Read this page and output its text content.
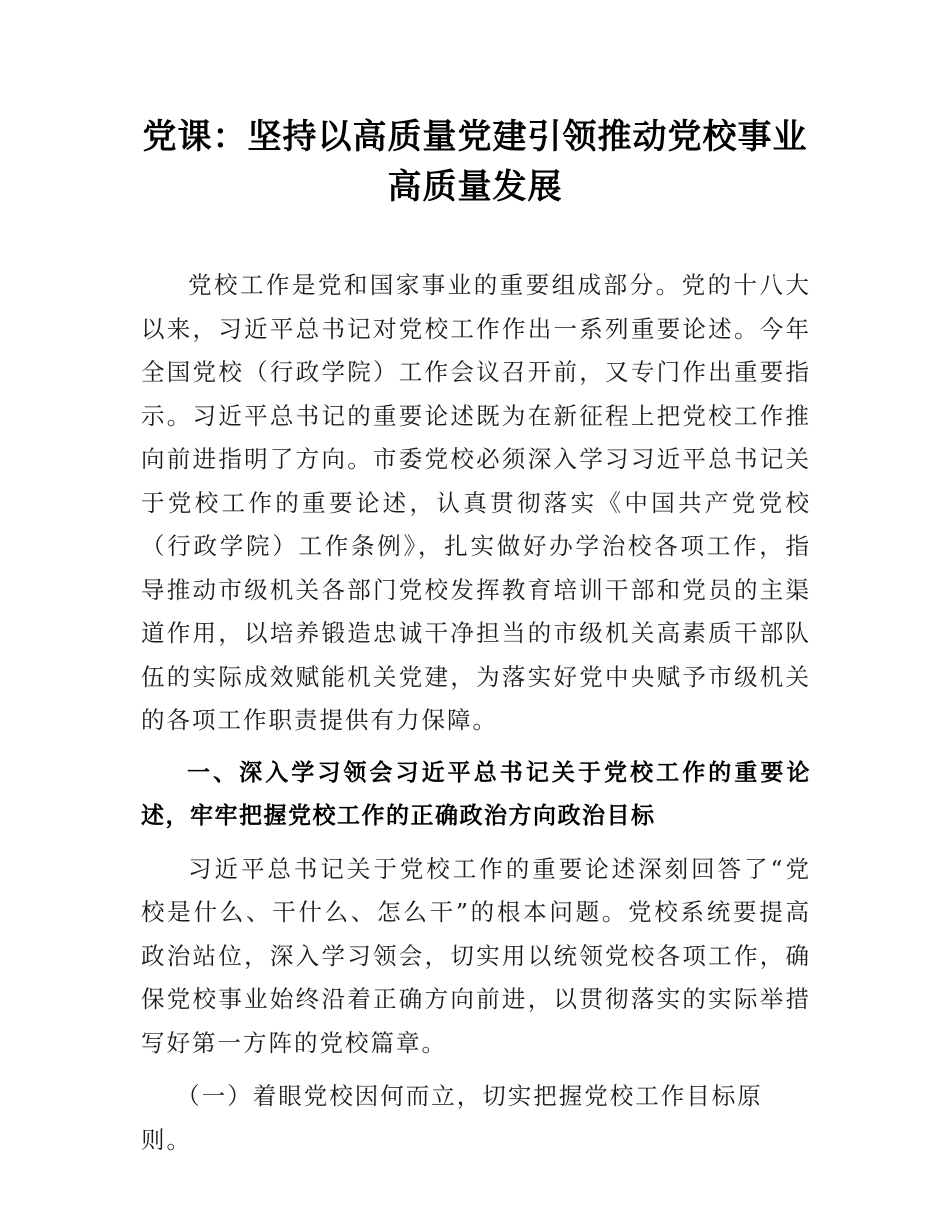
党课：坚持以高质量党建引领推动党校事业
高质量发展

党校工作是党和国家事业的重要组成部分。党的十八大以来，习近平总书记对党校工作作出一系列重要论述。今年全国党校（行政学院）工作会议召开前，又专门作出重要指示。习近平总书记的重要论述既为在新征程上把党校工作推向前进指明了方向。市委党校必须深入学习习近平总书记关于党校工作的重要论述，认真贯彻落实《中国共产党党校（行政学院）工作条例》，扎实做好办学治校各项工作，指导推动市级机关各部门党校发挥教育培训干部和党员的主渠道作用，以培养锻造忠诚干净担当的市级机关高素质干部队伍的实际成效赋能机关党建，为落实好党中央赋予市级机关的各项工作职责提供有力保障。

一、深入学习领会习近平总书记关于党校工作的重要论述，牢牢把握党校工作的正确政治方向政治目标

习近平总书记关于党校工作的重要论述深刻回答了“党校是什么、干什么、怎么干”的根本问题。党校系统要提高政治站位，深入学习领会，切实用以统领党校各项工作，确保党校事业始终沿着正确方向前进，以贯彻落实的实际举措写好第一方阵的党校篇章。

（一）着眼党校因何而立，切实把握党校工作目标原则。
